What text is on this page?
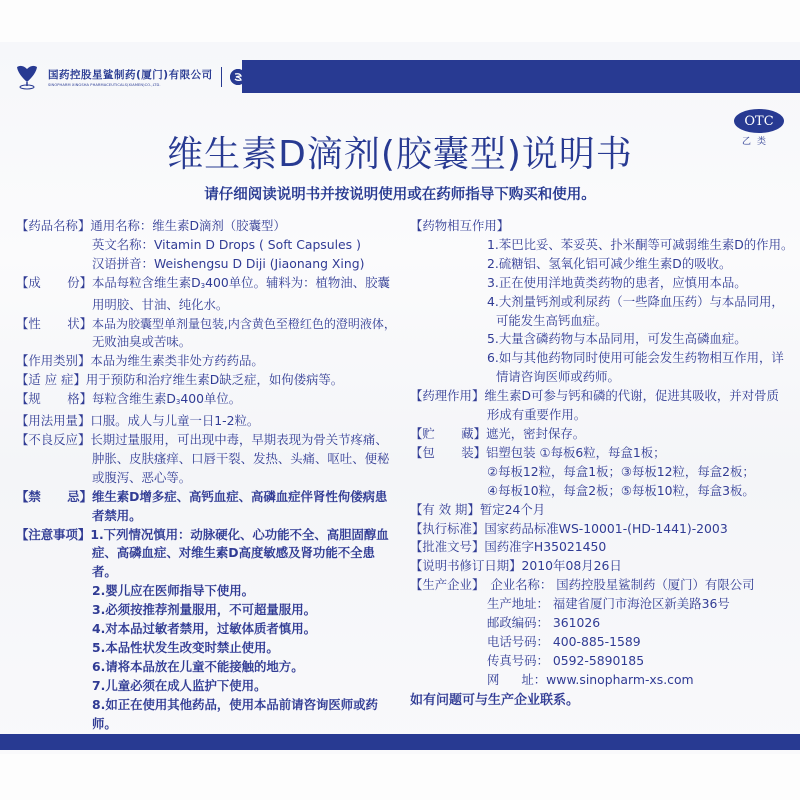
国药控股星鲨制药(厦门)有限公司
SINOPHARM XINGSHA PHARMACEUTICALS(XIAMEN)CO.,LTD.
®
OTC
乙类
维生素D滴剂(胶囊型)说明书
请仔细阅读说明书并按说明使用或在药师指导下购买和使用。
【药品名称】 通用名称：维生素D滴剂（胶囊型）
英文名称：Vitamin D Drops ( Soft Capsules )
汉语拼音：Weishengsu D Diji (Jiaonang Xing)
【成 份】 本品每粒含维生素$D_3400$单位。辅料为：植物油、胶囊
用明胶、甘油、纯化水。
【性 状】 本品为胶囊型单剂量包装,内含黄色至橙红色的澄明液体，
无败油臭或苦味。
【作用类别】 本品为维生素类非处方药药品。
【适 应 症】 用于预防和治疗维生素D缺乏症，如佝偻病等。
【规 格】 每粒含维生素$D_3400$单位。
【用法用量】 口服。成人与儿童一日1-2粒。
【不良反应】 长期过量服用，可出现中毒，早期表现为骨关节疼痛、
肿胀、皮肤瘙痒、口唇干裂、发热、头痛、呕吐、便秘
或腹泻、恶心等。
【禁 忌】 维生素D增多症、高钙血症、高磷血症伴肾性佝偻病患
者禁用。
【注意事项】 1.下列情况慎用：动脉硬化、心功能不全、高胆固醇血
症、高磷血症、对维生素D高度敏感及肾功能不全患者。
2.婴儿应在医师指导下使用。
3.必须按推荐剂量服用，不可超量服用。
4.对本品过敏者禁用，过敏体质者慎用。
5.本品性状发生改变时禁止使用。
6.请将本品放在儿童不能接触的地方。
7.儿童必须在成人监护下使用。
8.如正在使用其他药品，使用本品前请咨询医师或药师。
【药物相互作用】
1.苯巴比妥、苯妥英、扑米酮等可减弱维生素D的作用。
2.硫糖铝、氢氧化铝可减少维生素D的吸收。
3.正在使用洋地黄类药物的患者，应慎用本品。
4.大剂量钙剂或利尿药（一些降血压药）与本品同用，
可能发生高钙血症。
5.大量含磷药物与本品同用，可发生高磷血症。
6.如与其他药物同时使用可能会发生药物相互作用，详
情请咨询医师或药师。
【药理作用】 维生素D可参与钙和磷的代谢，促进其吸收，并对骨质
形成有重要作用。
【贮 藏】 遮光，密封保存。
【包 装】 铝塑包装 ①每板6粒，每盒1板；
②每板12粒，每盒1板；③每板12粒，每盒2板；
④每板10粒，每盒2板；⑤每板10粒，每盒3板。
【有 效 期】 暂定24个月
【执行标准】 国家药品标准WS-10001-(HD-1441)-2003
【批准文号】 国药准字H35021450
【说明书修订日期】 2010年08月26日
【生产企业】 企业名称： 国药控股星鲨制药（厦门）有限公司
生产地址： 福建省厦门市海沧区新美路36号
邮政编码： 361026
电话号码： 400-885-1589
传真号码： 0592-5890185
网 址：www.sinopharm-xs.com
如有问题可与生产企业联系。
